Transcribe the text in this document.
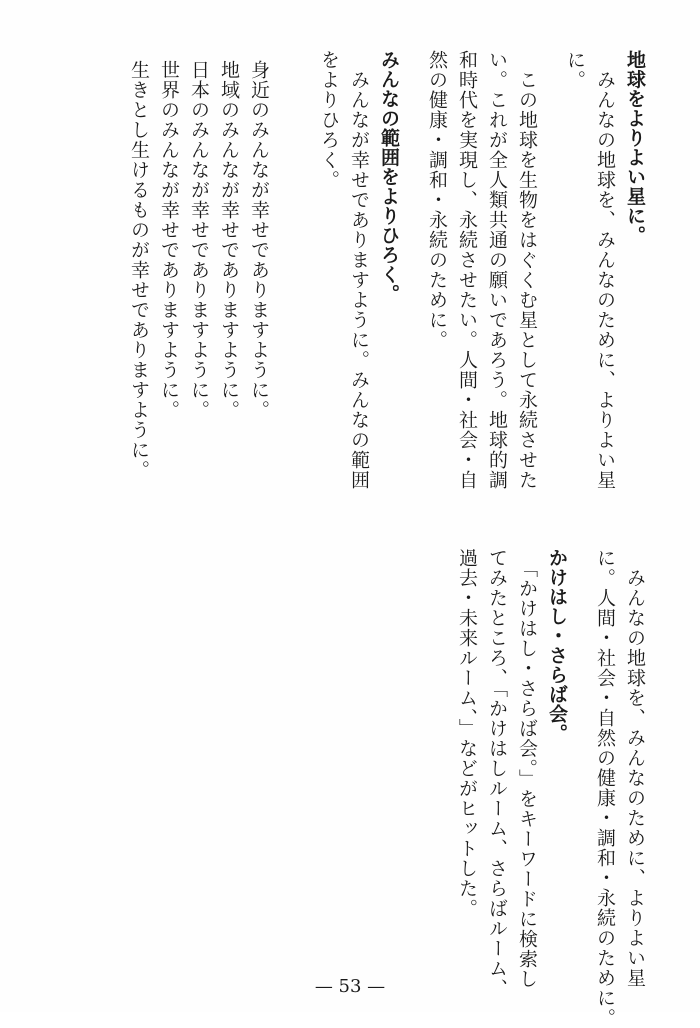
地球をよりよい星に。
　みんなの地球を、みんなのために、よりよい星
に。
　この地球を生物をはぐくむ星として永続させた
い。これが全人類共通の願いであろう。地球的調
和時代を実現し、永続させたい。人間・社会・自
然の健康・調和・永続のために。
みんなの範囲をよりひろく。
　みんなが幸せでありますように。みんなの範囲
をよりひろく。
身近のみんなが幸せでありますように。
地域のみんなが幸せでありますように。
日本のみんなが幸せでありますように。
世界のみんなが幸せでありますように。
生きとし生けるものが幸せでありますように。
　みんなの地球を、みんなのために、よりよい星
に。人間・社会・自然の健康・調和・永続のために。
かけはし・さらば会。
　「かけはし・さらば会。」をキーワードに検索し
てみたところ、「かけはしルーム、さらばルーム、
過去・未来ルーム、」などがヒットした。
— 53 —
